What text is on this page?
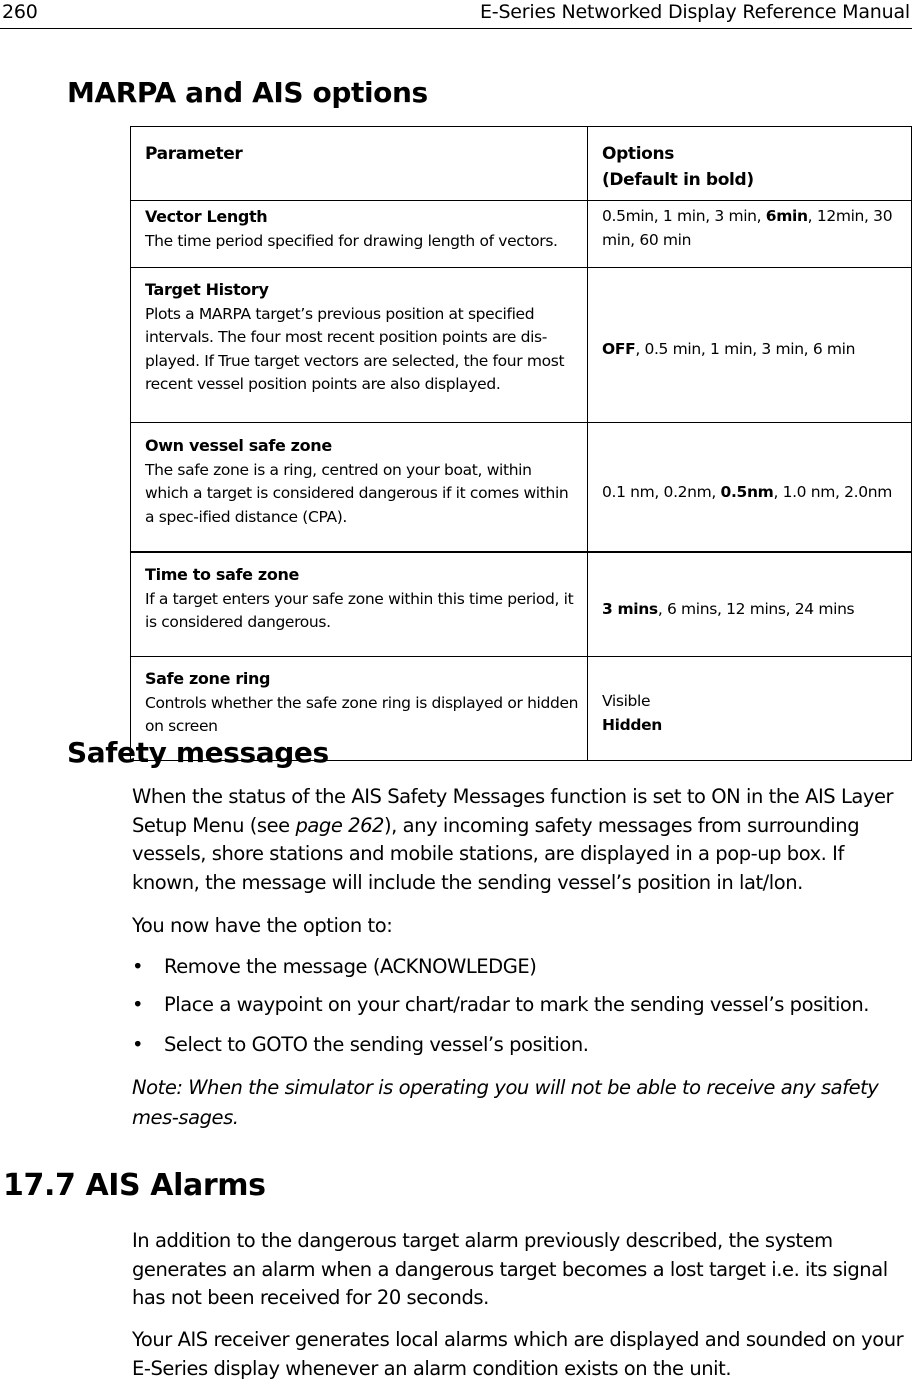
260	E-Series Networked Display Reference Manual
MARPA and AIS options
Parameter	Options
(Default in bold)
Vector Length
The time period specified for drawing length of vectors.	0.5min, 1 min, 3 min, 6min, 12min, 30 min, 60 min
Target History
Plots a MARPA target’s previous position at specified intervals. The four most recent position points are dis-played. If True target vectors are selected, the four most recent vessel position points are also displayed.	OFF, 0.5 min, 1 min, 3 min, 6 min
Own vessel safe zone
The safe zone is a ring, centred on your boat, within which a target is considered dangerous if it comes within a spec-ified distance (CPA).	0.1 nm, 0.2nm, 0.5nm, 1.0 nm, 2.0nm
Time to safe zone
If a target enters your safe zone within this time period, it is considered dangerous.	3 mins, 6 mins, 12 mins, 24 mins
Safe zone ring
Controls whether the safe zone ring is displayed or hidden on screen	Visible
Hidden
Safety messages

When the status of the AIS Safety Messages function is set to ON in the AIS Layer Setup Menu (see page 262), any incoming safety messages from surrounding vessels, shore stations and mobile stations, are displayed in a pop-up box. If known, the message will include the sending vessel’s position in lat/lon.

You now have the option to:

• Remove the message (ACKNOWLEDGE)
• Place a waypoint on your chart/radar to mark the sending vessel’s position.
• Select to GOTO the sending vessel’s position.

Note: When the simulator is operating you will not be able to receive any safety mes-sages.

17.7 AIS Alarms

In addition to the dangerous target alarm previously described, the system generates an alarm when a dangerous target becomes a lost target i.e. its signal has not been received for 20 seconds.

Your AIS receiver generates local alarms which are displayed and sounded on your E-Series display whenever an alarm condition exists on the unit.
